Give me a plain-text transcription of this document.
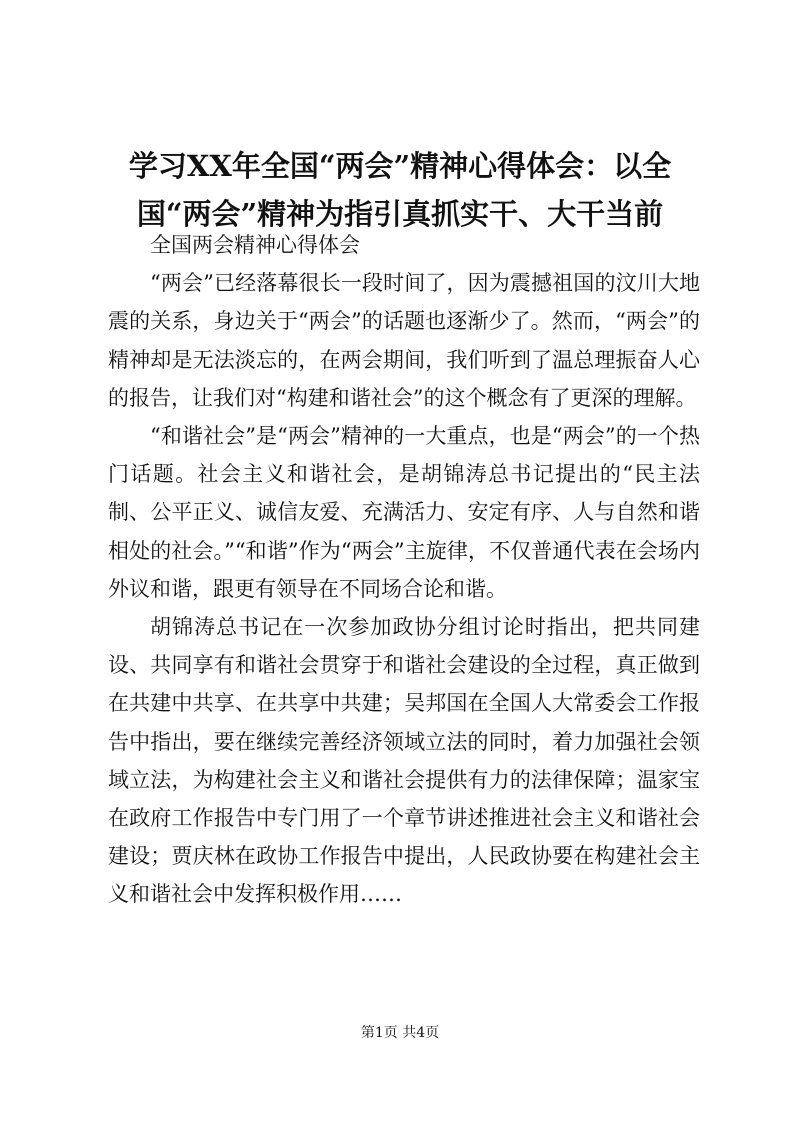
学习XX年全国“两会”精神心得体会：以全国“两会”精神为指引真抓实干、大干当前

全国两会精神心得体会

“两会”已经落幕很长一段时间了，因为震撼祖国的汶川大地震的关系，身边关于“两会”的话题也逐渐少了。然而，“两会”的精神却是无法淡忘的，在两会期间，我们听到了温总理振奋人心的报告，让我们对“构建和谐社会”的这个概念有了更深的理解。

“和谐社会”是“两会”精神的一大重点，也是“两会”的一个热门话题。社会主义和谐社会，是胡锦涛总书记提出的“民主法制、公平正义、诚信友爱、充满活力、安定有序、人与自然和谐相处的社会。”“和谐”作为“两会”主旋律，不仅普通代表在会场内外议和谐，跟更有领导在不同场合论和谐。

胡锦涛总书记在一次参加政协分组讨论时指出，把共同建设、共同享有和谐社会贯穿于和谐社会建设的全过程，真正做到在共建中共享、在共享中共建；吴邦国在全国人大常委会工作报告中指出，要在继续完善经济领域立法的同时，着力加强社会领域立法，为构建社会主义和谐社会提供有力的法律保障；温家宝在政府工作报告中专门用了一个章节讲述推进社会主义和谐社会建设；贾庆林在政协工作报告中提出，人民政协要在构建社会主义和谐社会中发挥积极作用……

第1页 共4页
